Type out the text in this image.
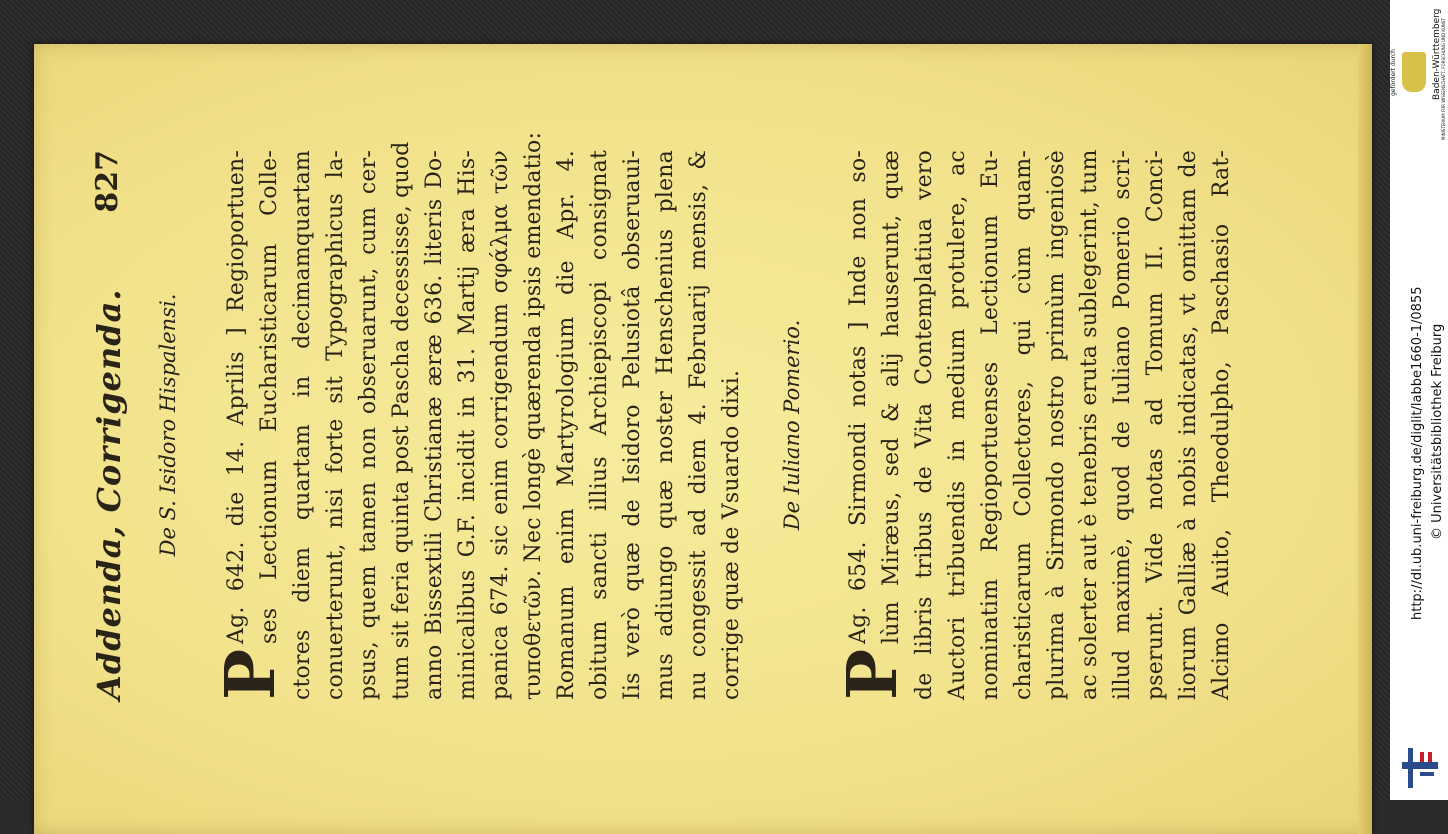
Addenda, Corrigenda.
827
De S. Isidoro Hispalensi.
P
Ag. 642. die 14. Aprilis ] Regioportuen- ses Lectionum Eucharisticarum Colle- ctores diem quartam in decimamquartam conuerterunt, nisi forte sit Typographicus la- psus, quem tamen non obseruarunt, cum cer- tum sit feria quinta post Pascha decessisse, quod anno Bissextili Christianæ æræ 636. literis Do- minicalibus G.F. incidit in 31. Martij æra His- panica 674. sic enim corrigendum σφάλμα τῶν τυποθετῶν. Nec longè quærenda ipsis emendatio: Romanum enim Martyrologium die Apr. 4. obitum sancti illius Archiepiscopi consignat Iis verò quæ de Isidoro Pelusiotâ obseruaui- mus adiungo quæ noster Henschenius plena nu congessit ad diem 4. Februarij mensis, & corrige quæ de Vsuardo dixi. De Iuliano Pomerio.
P
Ag. 654. Sirmondi notas ] Inde non so- lùm Miræus, sed & alij hauserunt, quæ de libris tribus de Vita Contemplatiua vero Auctori tribuendis in medium protulere, ac nominatim Regioportuenses Lectionum Eu- charisticarum Collectores, qui cùm quam- plurima à Sirmondo nostro primùm ingeniosè ac solerter aut è tenebris eruta sublegerint, tum illud maximè, quod de Iuliano Pomerio scri- pserunt. Vide notas ad Tomum II. Conci- liorum Galliæ à nobis indicatas, vt omittam de Alcimo Auito, Theodulpho, Paschasio Rat-
gefördert durch	Baden-Württemberg MINISTERIUM FÜR WISSENSCHAFT, FORSCHUNG UND KUNST
http://dl.ub.uni-freiburg.de/diglit/labbe1660-1/0855 © Universitätsbibliothek Freiburg
